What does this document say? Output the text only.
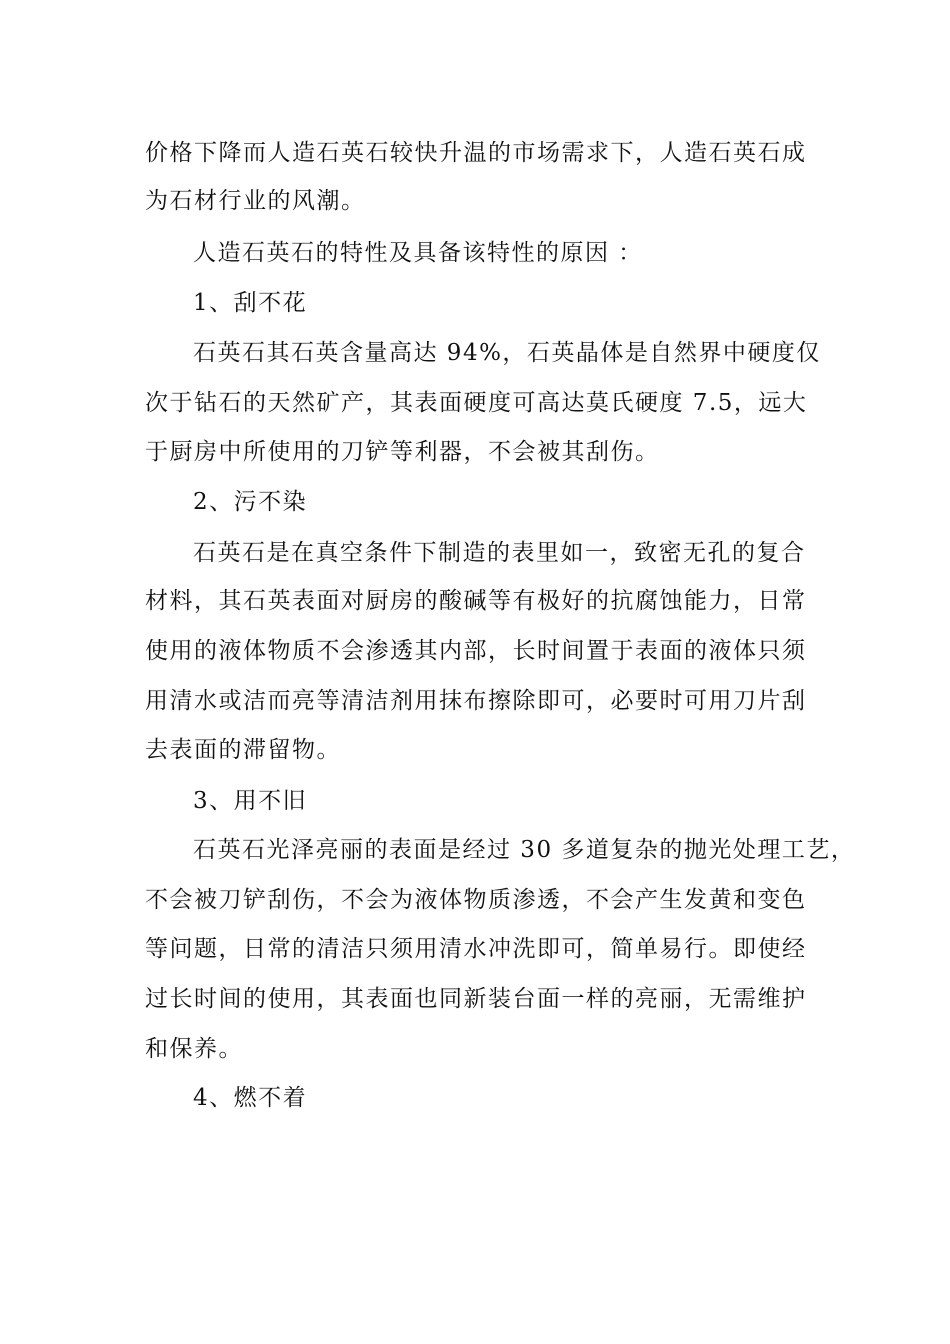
价格下降而人造石英石较快升温的市场需求下，人造石英石成
为石材行业的风潮。
人造石英石的特性及具备该特性的原因 ：
1、刮不花
石英石其石英含量高达 94%，石英晶体是自然界中硬度仅
次于钻石的天然矿产，其表面硬度可高达莫氏硬度 7.5，远大
于厨房中所使用的刀铲等利器，不会被其刮伤。
2、污不染
石英石是在真空条件下制造的表里如一，致密无孔的复合
材料，其石英表面对厨房的酸碱等有极好的抗腐蚀能力，日常
使用的液体物质不会渗透其内部，长时间置于表面的液体只须
用清水或洁而亮等清洁剂用抹布擦除即可，必要时可用刀片刮
去表面的滞留物。
3、用不旧
石英石光泽亮丽的表面是经过 30 多道复杂的抛光处理工艺，
不会被刀铲刮伤，不会为液体物质渗透，不会产生发黄和变色
等问题，日常的清洁只须用清水冲洗即可，简单易行。即使经
过长时间的使用，其表面也同新装台面一样的亮丽，无需维护
和保养。
4、燃不着
